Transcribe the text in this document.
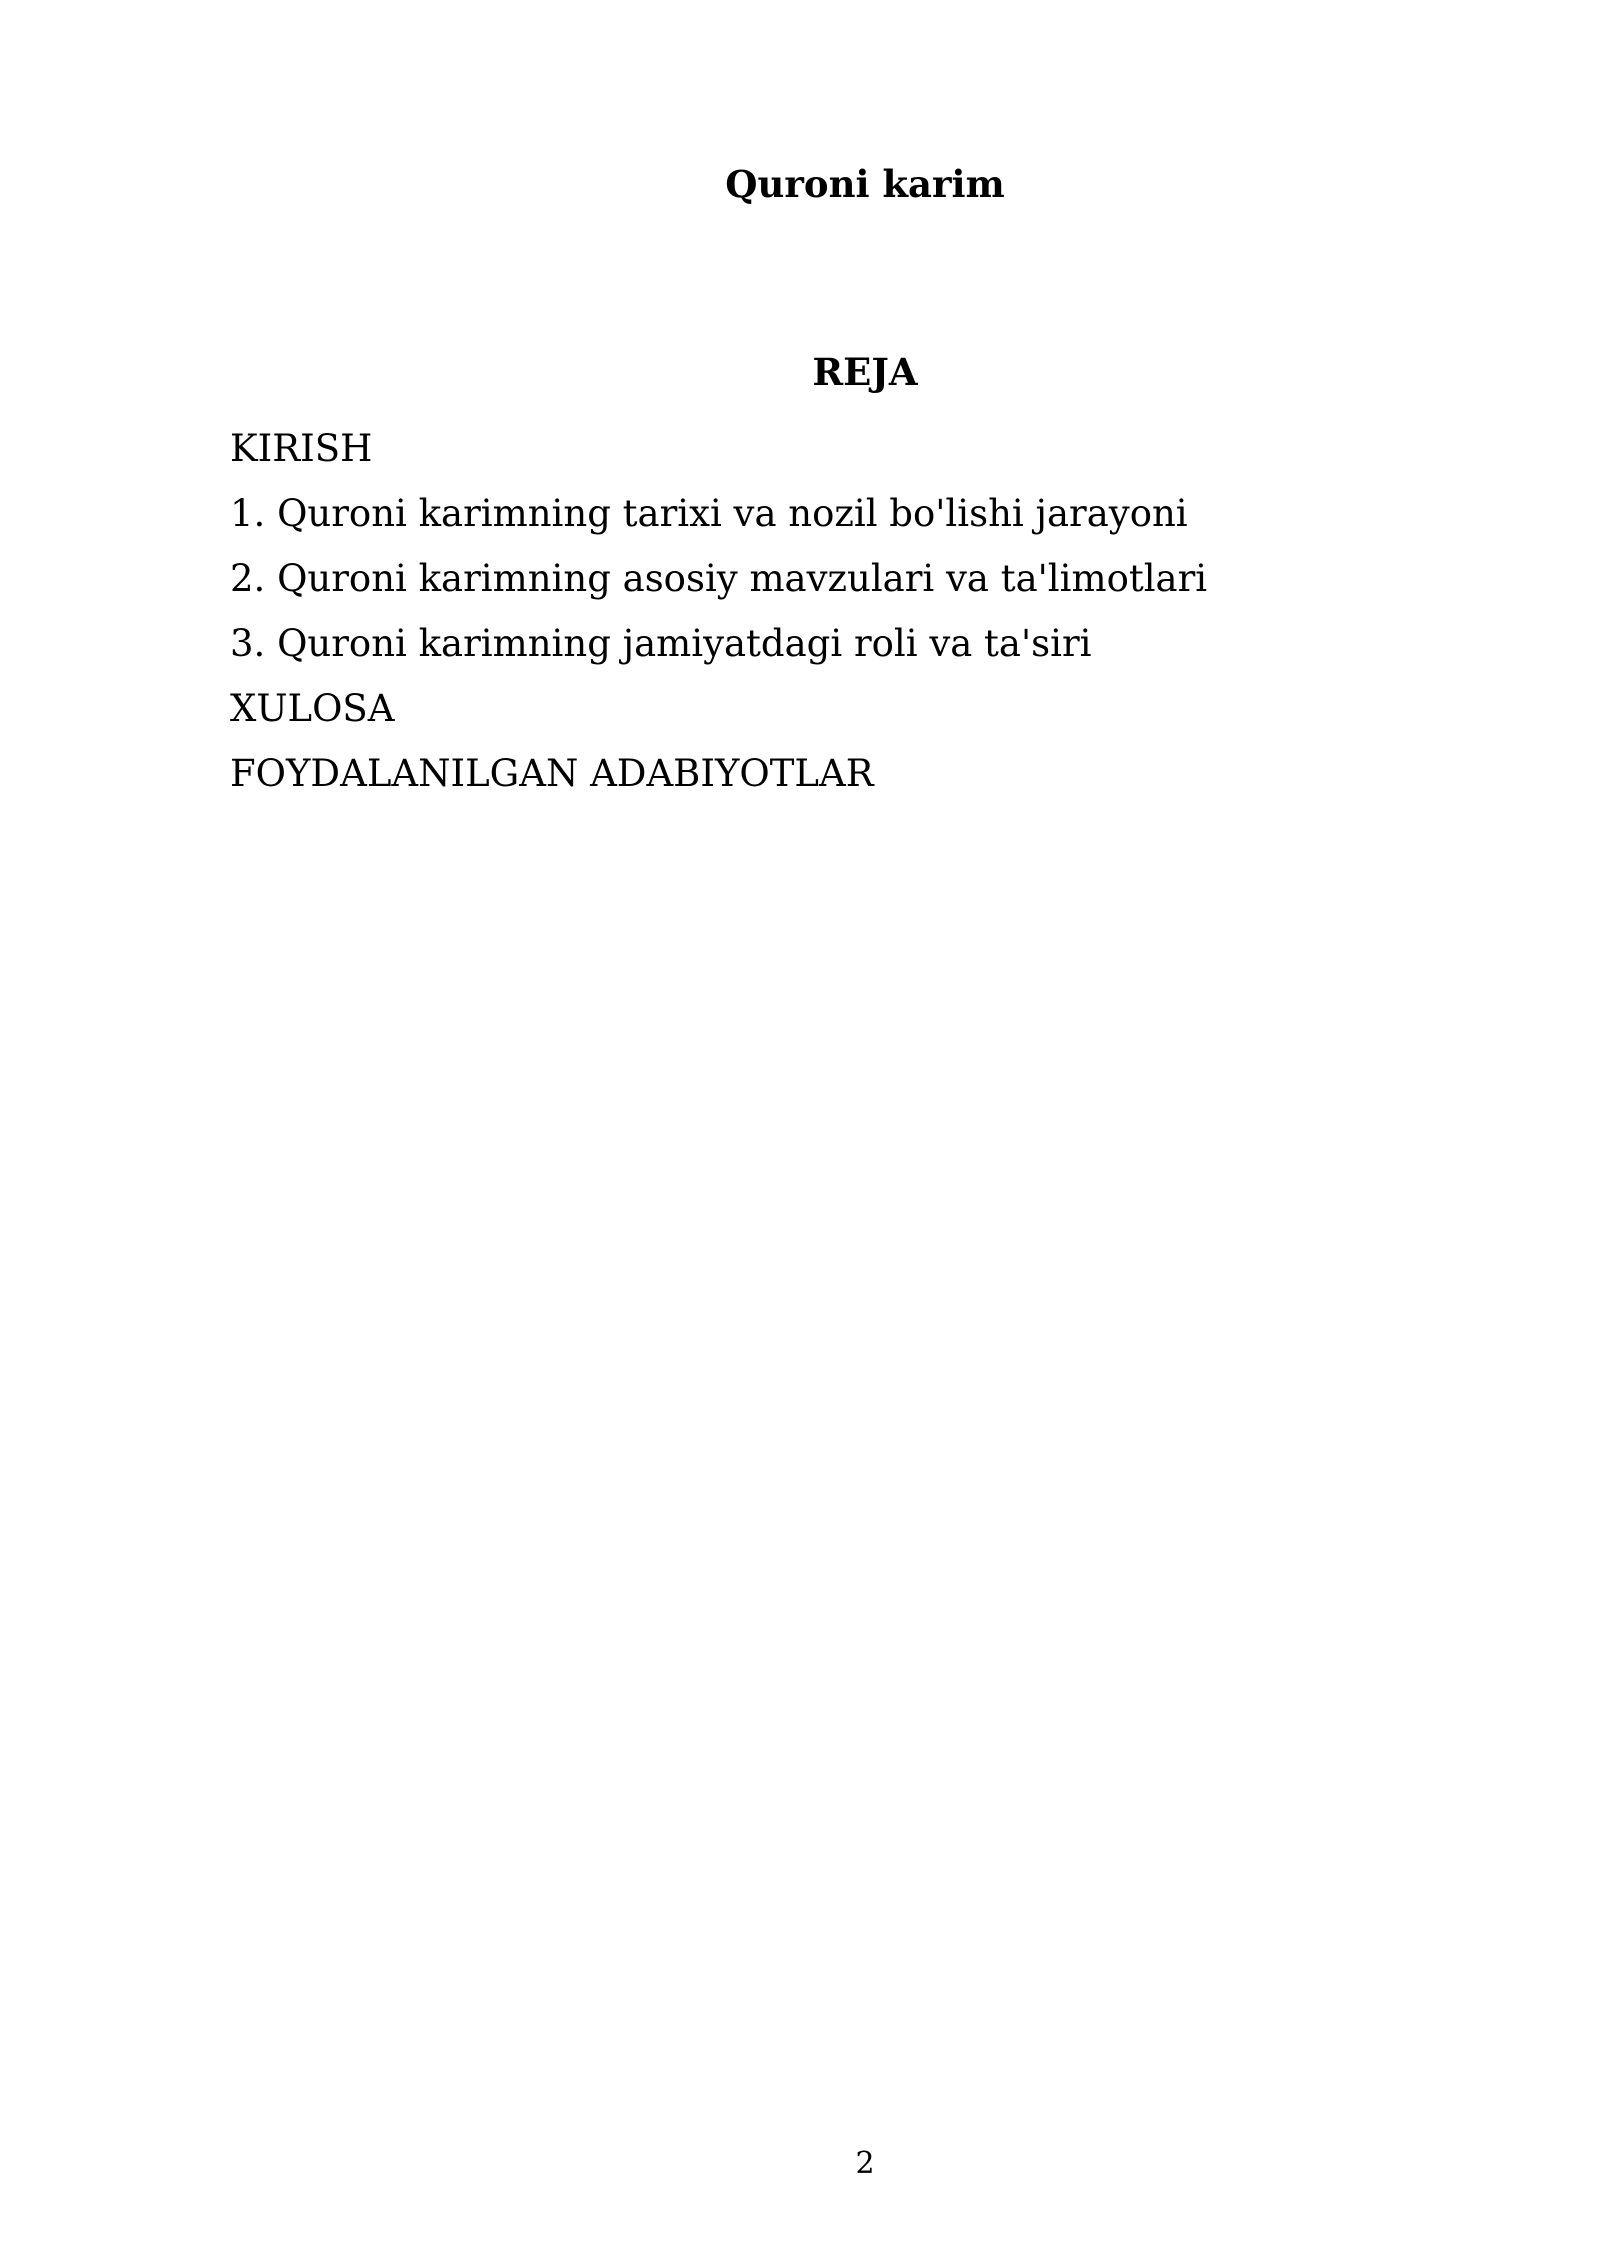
Quroni karim
REJA
KIRISH
1. Quroni karimning tarixi va nozil bo'lishi jarayoni
2. Quroni karimning asosiy mavzulari va ta'limotlari
3. Quroni karimning jamiyatdagi roli va ta'siri
XULOSA
FOYDALANILGAN ADABIYOTLAR
2
